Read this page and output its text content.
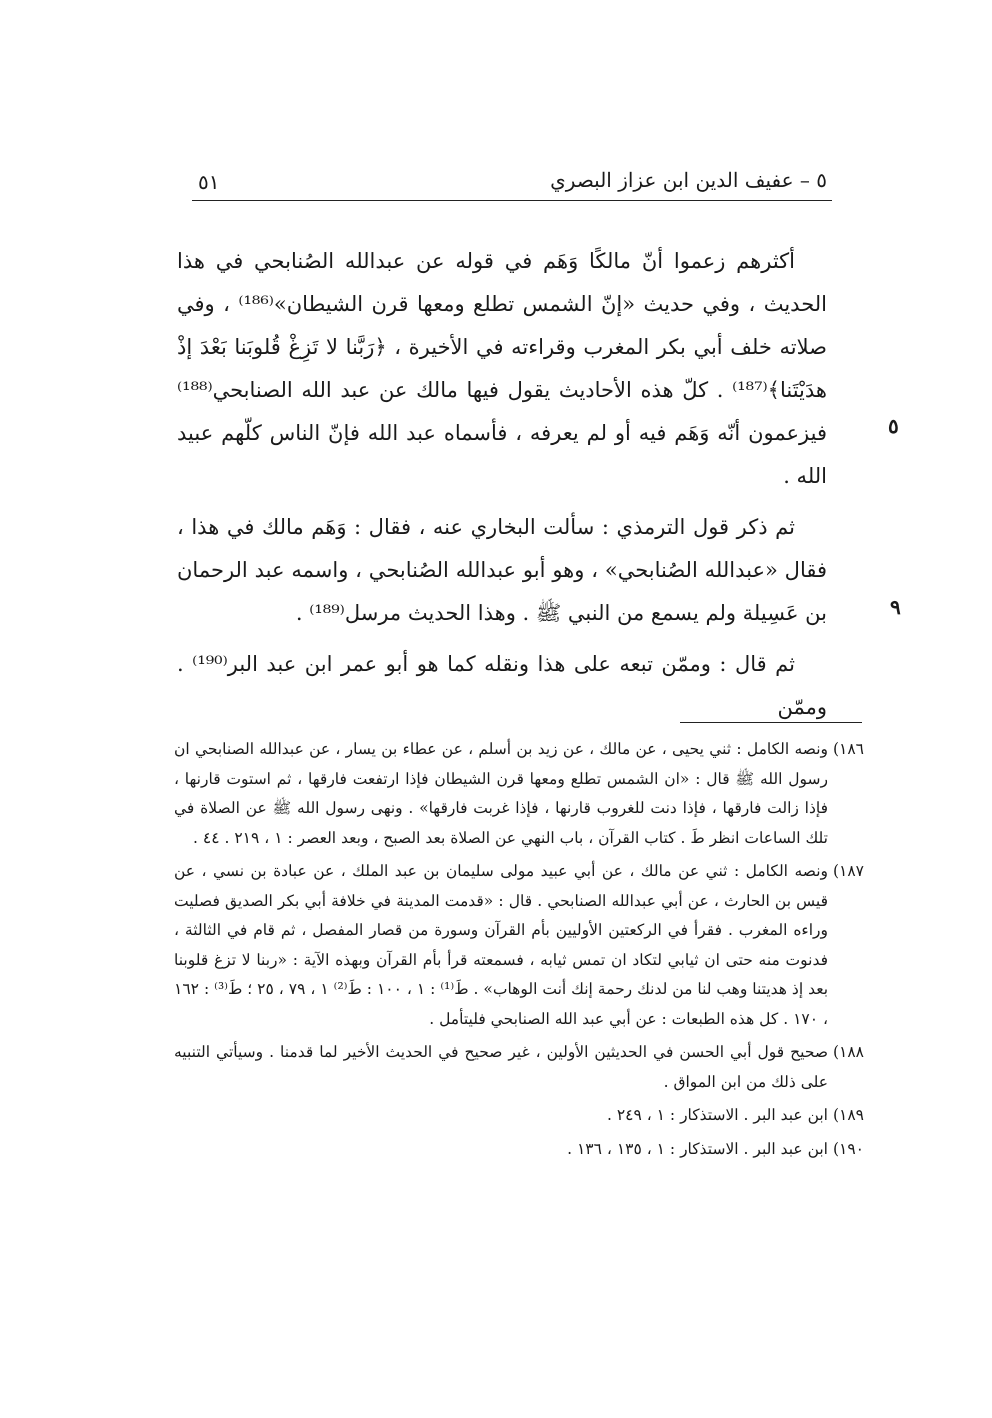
٥ – عفيف الدين ابن عزاز البصري
٥١

أكثرهم زعموا أنّ مالكًا وَهَم في قوله عن عبدالله الصُنابحي في هذا الحديث ، وفي حديث «إنّ الشمس تطلع ومعها قرن الشيطان»⁽¹⁸⁶⁾ ، وفي صلاته خلف أبي بكر المغرب وقراءته في الأخيرة ، ﴿رَبَّنا لا تَزِغْ قُلوبَنا بَعْدَ إذْ هدَيْتَنا﴾⁽¹⁸⁷⁾ . كلّ هذه الأحاديث يقول فيها مالك عن عبد الله الصنابحي⁽¹⁸⁸⁾ فيزعمون أنّه وَهَم فيه أو لم يعرفه ، فأسماه عبد الله فإنّ الناس كلّهم عبيد الله .

ثم ذكر قول الترمذي : سألت البخاري عنه ، فقال : وَهَم مالك في هذا ، فقال «عبدالله الصُنابحي» ، وهو أبو عبدالله الصُنابحي ، واسمه عبد الرحمان بن عَسِيلة ولم يسمع من النبي ﷺ . وهذا الحديث مرسل⁽¹⁸⁹⁾ .

ثم قال : وممّن تبعه على هذا ونقله كما هو أبو عمر ابن عبد البر⁽¹⁹⁰⁾ . وممّن

٥
٩
١٨٦)
ونصه الكامل : ثني يحيى ، عن مالك ، عن زيد بن أسلم ، عن عطاء بن يسار ، عن عبدالله الصنابحي ان رسول الله ﷺ قال : «ان الشمس تطلع ومعها قرن الشيطان فإذا ارتفعت فارقها ، ثم استوت قارنها ، فإذا زالت فارقها ، فإذا دنت للغروب قارنها ، فإذا غربت فارقها» . ونهى رسول الله ﷺ عن الصلاة في تلك الساعات انظر طَ . كتاب القرآن ، باب النهي عن الصلاة بعد الصبح ، وبعد العصر : ١ ، ٢١٩ . ٤٤ .
١٨٧)
ونصه الكامل : ثني عن مالك ، عن أبي عبيد مولى سليمان بن عبد الملك ، عن عبادة بن نسي ، عن قيس بن الحارث ، عن أبي عبدالله الصنابحي . قال : «قدمت المدينة في خلافة أبي بكر الصديق فصليت وراءه المغرب . فقرأ في الركعتين الأوليين بأم القرآن وسورة من قصار المفصل ، ثم قام في الثالثة ، فدنوت منه حتى ان ثيابي لتكاد ان تمس ثيابه ، فسمعته قرأ بأم القرآن وبهذه الآية : «ربنا لا تزغ قلوبنا بعد إذ هديتنا وهب لنا من لدنك رحمة إنك أنت الوهاب» . طَ⁽¹⁾ : ١ ، ١٠٠ : طَ⁽²⁾ ١ ، ٧٩ ، ٢٥ ؛ طَ⁽³⁾ : ١٦٢ ، ١٧٠ . كل هذه الطبعات : عن أبي عبد الله الصنابحي فليتأمل .
١٨٨)
صحيح قول أبي الحسن في الحديثين الأولين ، غير صحيح في الحديث الأخير لما قدمنا . وسيأتي التنبيه على ذلك من ابن المواق .
١٨٩)
ابن عبد البر . الاستذكار : ١ ، ٢٤٩ .
١٩٠)
ابن عبد البر . الاستذكار : ١ ، ١٣٥ ، ١٣٦ .
